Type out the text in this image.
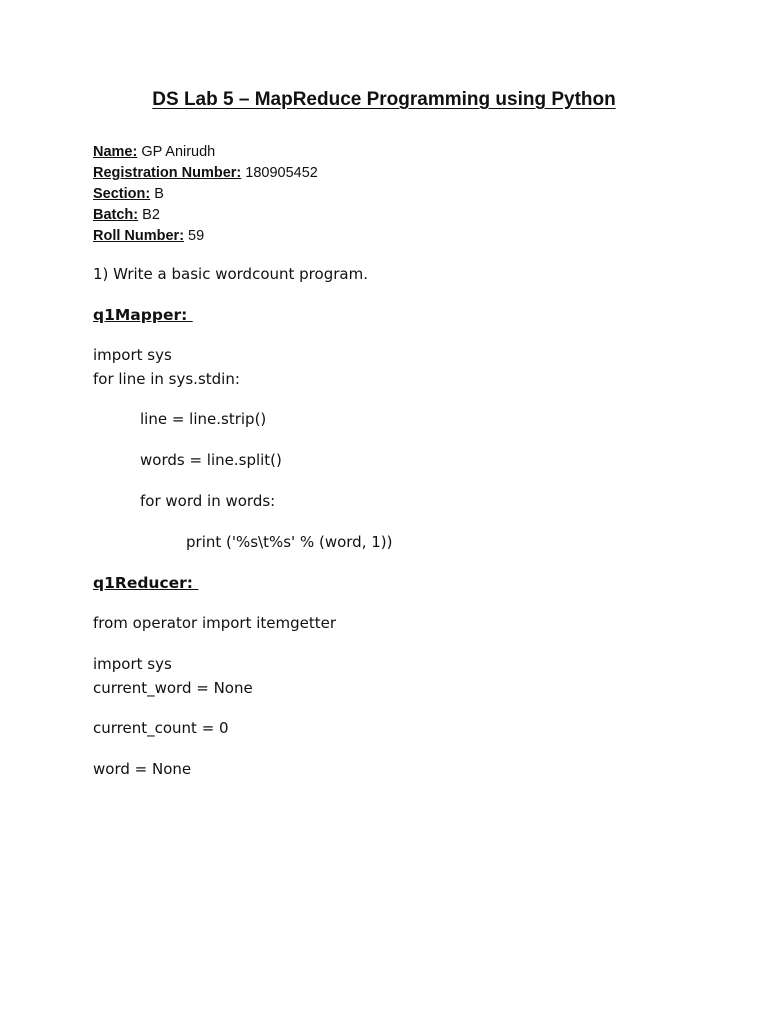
DS Lab 5 – MapReduce Programming using Python
Name: GP Anirudh
Registration Number: 180905452
Section: B
Batch: B2
Roll Number: 59
1) Write a basic wordcount program.
q1Mapper:
import sys
for line in sys.stdin:
line = line.strip()
words = line.split()
for word in words:
print ('%s\t%s' % (word, 1))
q1Reducer:
from operator import itemgetter
import sys
current_word = None
current_count = 0
word = None
